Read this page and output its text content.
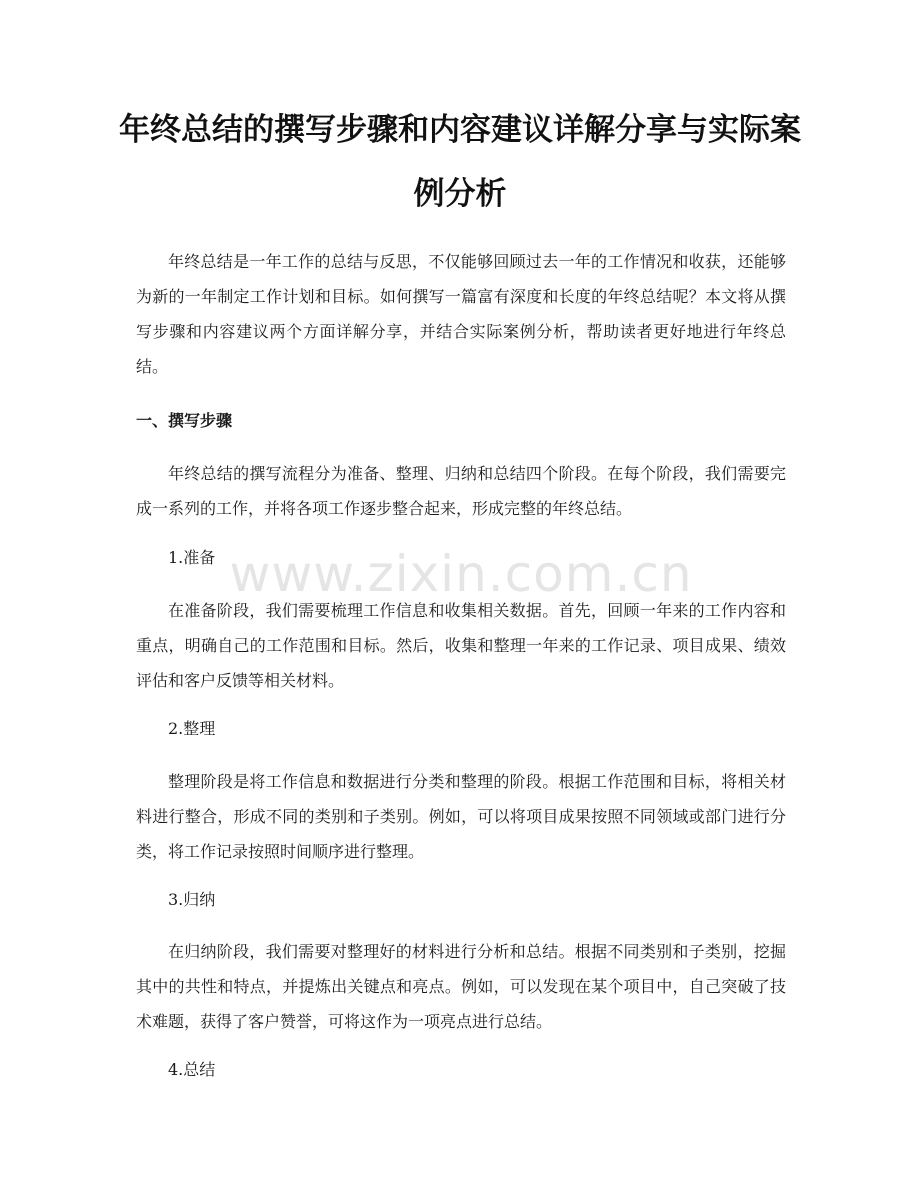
年终总结的撰写步骤和内容建议详解分享与实际案例分析

年终总结是一年工作的总结与反思，不仅能够回顾过去一年的工作情况和收获，还能够为新的一年制定工作计划和目标。如何撰写一篇富有深度和长度的年终总结呢？本文将从撰写步骤和内容建议两个方面详解分享，并结合实际案例分析，帮助读者更好地进行年终总结。

一、撰写步骤

年终总结的撰写流程分为准备、整理、归纳和总结四个阶段。在每个阶段，我们需要完成一系列的工作，并将各项工作逐步整合起来，形成完整的年终总结。

1.准备

在准备阶段，我们需要梳理工作信息和收集相关数据。首先，回顾一年来的工作内容和重点，明确自己的工作范围和目标。然后，收集和整理一年来的工作记录、项目成果、绩效评估和客户反馈等相关材料。

2.整理

整理阶段是将工作信息和数据进行分类和整理的阶段。根据工作范围和目标，将相关材料进行整合，形成不同的类别和子类别。例如，可以将项目成果按照不同领域或部门进行分类，将工作记录按照时间顺序进行整理。

3.归纳

在归纳阶段，我们需要对整理好的材料进行分析和总结。根据不同类别和子类别，挖掘其中的共性和特点，并提炼出关键点和亮点。例如，可以发现在某个项目中，自己突破了技术难题，获得了客户赞誉，可将这作为一项亮点进行总结。

4.总结

www.zixin.com.cn
